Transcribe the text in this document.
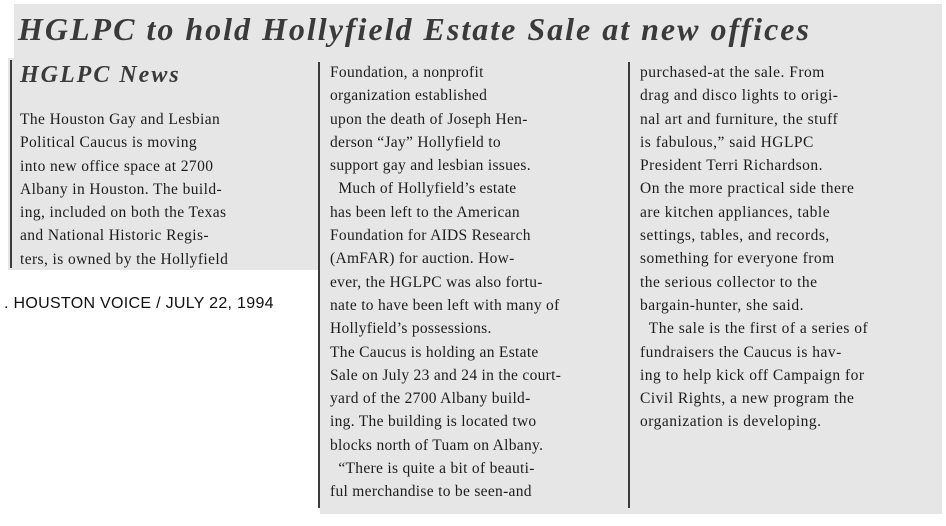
HGLPC to hold Hollyfield Estate Sale at new offices
HGLPC News
The Houston Gay and Lesbian
Political Caucus is moving
into new office space at 2700
Albany in Houston. The build-
ing, included on both the Texas
and National Historic Regis-
ters, is owned by the Hollyfield
. HOUSTON VOICE / JULY 22, 1994
Foundation, a nonprofit
organization established
upon the death of Joseph Hen-
derson “Jay” Hollyfield to
support gay and lesbian issues.
Much of Hollyfield’s estate
has been left to the American
Foundation for AIDS Research
(AmFAR) for auction. How-
ever, the HGLPC was also fortu-
nate to have been left with many of
Hollyfield’s possessions.
The Caucus is holding an Estate
Sale on July 23 and 24 in the court-
yard of the 2700 Albany build-
ing. The building is located two
blocks north of Tuam on Albany.
“There is quite a bit of beauti-
ful merchandise to be seen-and
purchased-at the sale. From
drag and disco lights to origi-
nal art and furniture, the stuff
is fabulous,” said HGLPC
President Terri Richardson.
On the more practical side there
are kitchen appliances, table
settings, tables, and records,
something for everyone from
the serious collector to the
bargain-hunter, she said.
The sale is the first of a series of
fundraisers the Caucus is hav-
ing to help kick off Campaign for
Civil Rights, a new program the
organization is developing.
